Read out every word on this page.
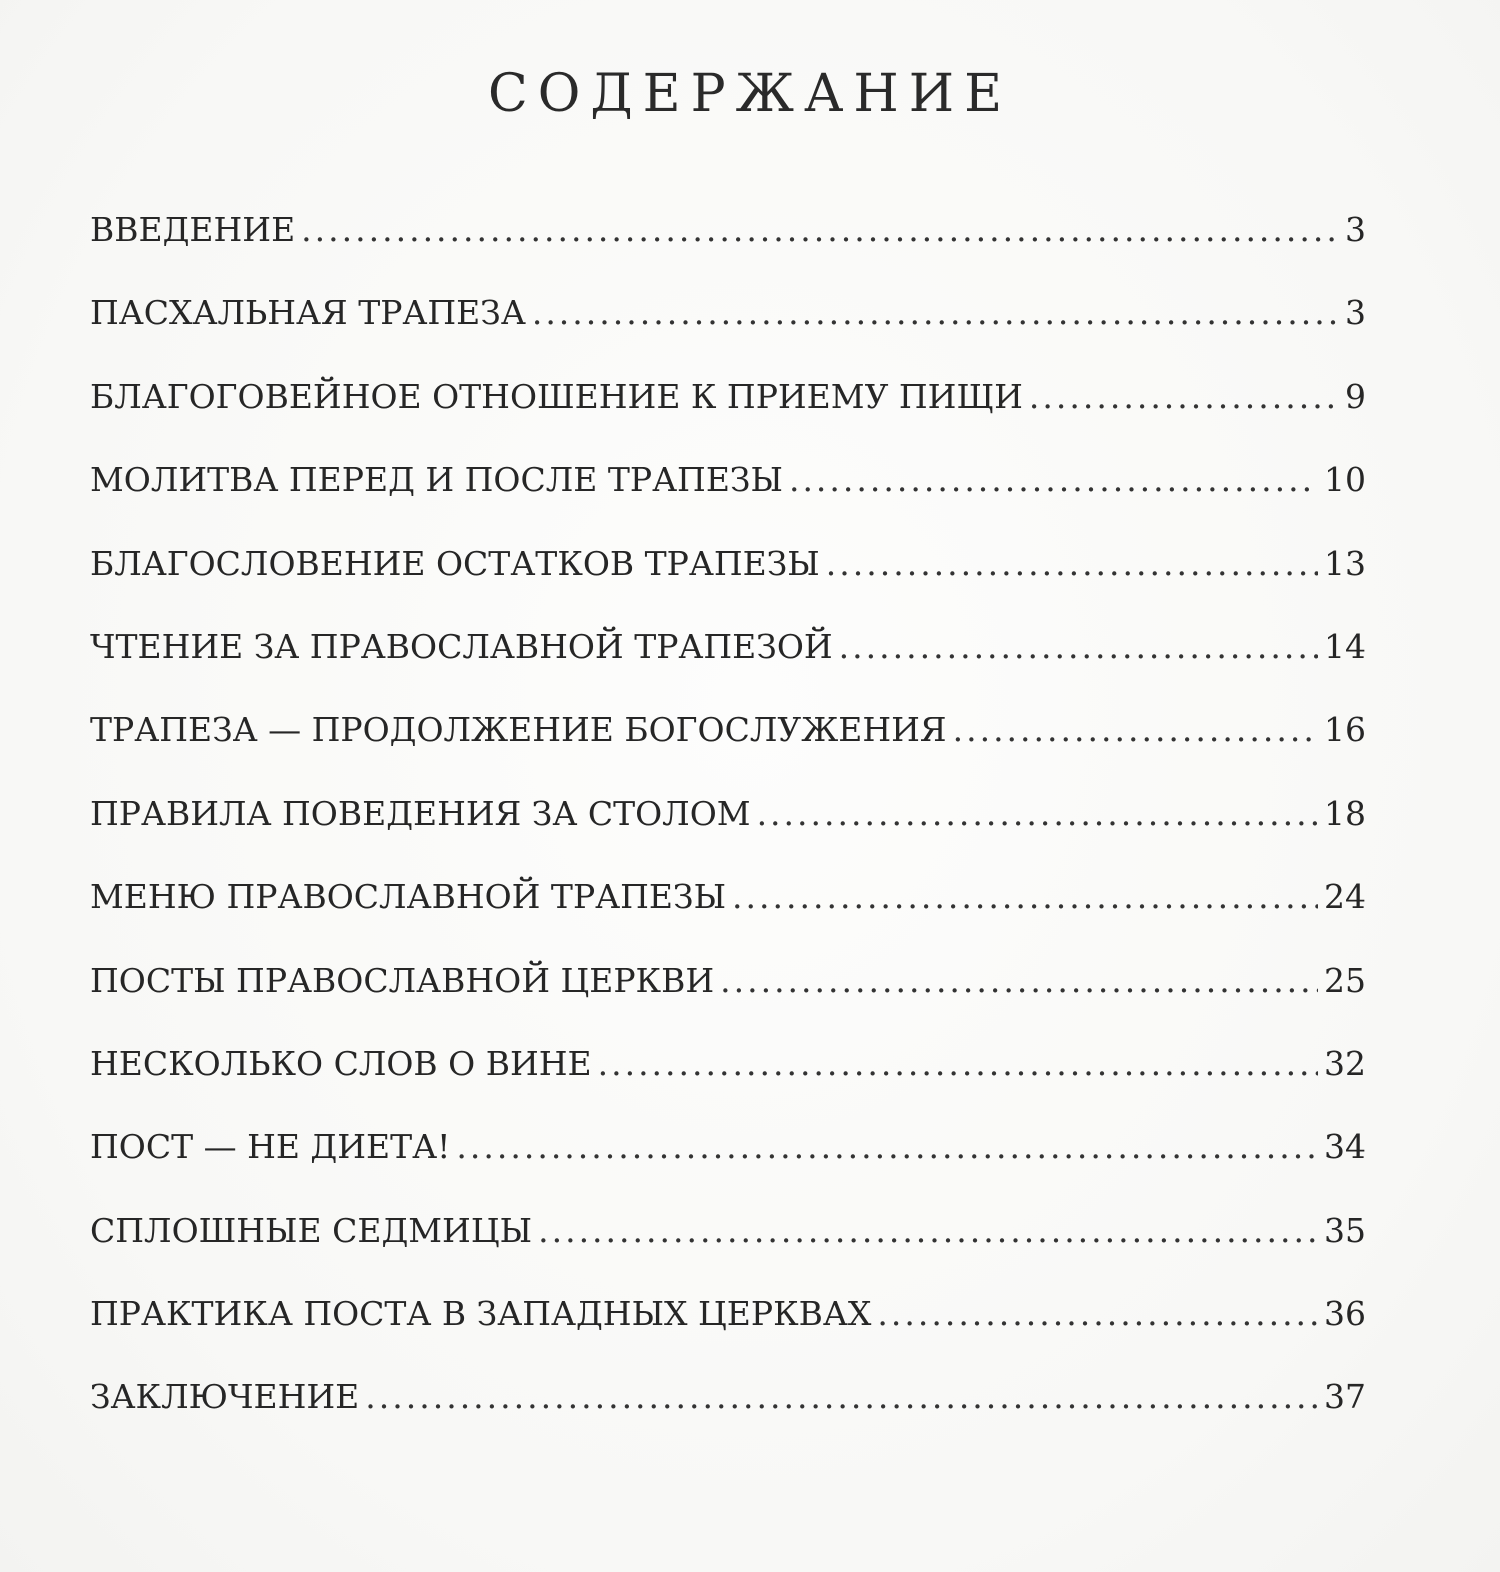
СОДЕРЖАНИЕ
ВВЕДЕНИЕ .....	3
ПАСХАЛЬНАЯ ТРАПЕЗА .....	3
БЛАГОГОВЕЙНОЕ ОТНОШЕНИЕ К ПРИЕМУ ПИЩИ .....	9
МОЛИТВА ПЕРЕД И ПОСЛЕ ТРАПЕЗЫ .....	10
БЛАГОСЛОВЕНИЕ ОСТАТКОВ ТРАПЕЗЫ .....	13
ЧТЕНИЕ ЗА ПРАВОСЛАВНОЙ ТРАПЕЗОЙ .....	14
ТРАПЕЗА — ПРОДОЛЖЕНИЕ БОГОСЛУЖЕНИЯ .....	16
ПРАВИЛА ПОВЕДЕНИЯ ЗА СТОЛОМ .....	18
МЕНЮ ПРАВОСЛАВНОЙ ТРАПЕЗЫ .....	24
ПОСТЫ ПРАВОСЛАВНОЙ ЦЕРКВИ .....	25
НЕСКОЛЬКО СЛОВ О ВИНЕ .....	32
ПОСТ — НЕ ДИЕТА! .....	34
СПЛОШНЫЕ СЕДМИЦЫ .....	35
ПРАКТИКА ПОСТА В ЗАПАДНЫХ ЦЕРКВАХ .....	36
ЗАКЛЮЧЕНИЕ .....	37
